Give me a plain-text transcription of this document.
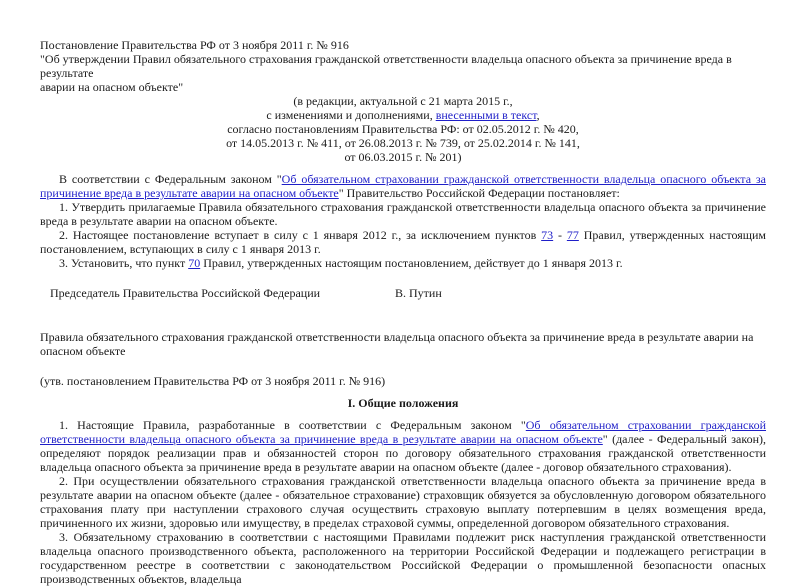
Постановление Правительства РФ от 3 ноября 2011 г. № 916

"Об утверждении Правил обязательного страхования гражданской ответственности владельца опасного объекта за причинение вреда в результате
аварии на опасном объекте"

(в редакции, актуальной с 21 марта 2015 г.,
с изменениями и дополнениями, внесенными в текст,
согласно постановлениям Правительства РФ: от 02.05.2012 г. № 420,
от 14.05.2013 г. № 411, от 26.08.2013 г. № 739, от 25.02.2014 г. № 141,
от 06.03.2015 г. № 201)

В соответствии с Федеральным законом "Об обязательном страховании гражданской ответственности владельца опасного объекта за причинение вреда в результате аварии на опасном объекте" Правительство Российской Федерации постановляет:

1. Утвердить прилагаемые Правила обязательного страхования гражданской ответственности владельца опасного объекта за причинение вреда в результате аварии на опасном объекте.

2. Настоящее постановление вступает в силу с 1 января 2012 г., за исключением пунктов 73 - 77 Правил, утвержденных настоящим постановлением, вступающих в силу с 1 января 2013 г.

3. Установить, что пункт 70 Правил, утвержденных настоящим постановлением, действует до 1 января 2013 г.

Председатель Правительства Российской Федерации	В. Путин

Правила обязательного страхования гражданской ответственности владельца опасного объекта за причинение вреда в результате аварии на опасном объекте

(утв. постановлением Правительства РФ от 3 ноября 2011 г. № 916)

I. Общие положения

1. Настоящие Правила, разработанные в соответствии с Федеральным законом "Об обязательном страховании гражданской ответственности владельца опасного объекта за причинение вреда в результате аварии на опасном объекте" (далее - Федеральный закон), определяют порядок реализации прав и обязанностей сторон по договору обязательного страхования гражданской ответственности владельца опасного объекта за причинение вреда в результате аварии на опасном объекте (далее - договор обязательного страхования).

2. При осуществлении обязательного страхования гражданской ответственности владельца опасного объекта за причинение вреда в результате аварии на опасном объекте (далее - обязательное страхование) страховщик обязуется за обусловленную договором обязательного страхования плату при наступлении страхового случая осуществить страховую выплату потерпевшим в целях возмещения вреда, причиненного их жизни, здоровью или имуществу, в пределах страховой суммы, определенной договором обязательного страхования.

3. Обязательному страхованию в соответствии с настоящими Правилами подлежит риск наступления гражданской ответственности владельца опасного производственного объекта, расположенного на территории Российской Федерации и подлежащего регистрации в государственном реестре в соответствии с законодательством Российской Федерации о промышленной безопасности опасных производственных объектов, владельца
